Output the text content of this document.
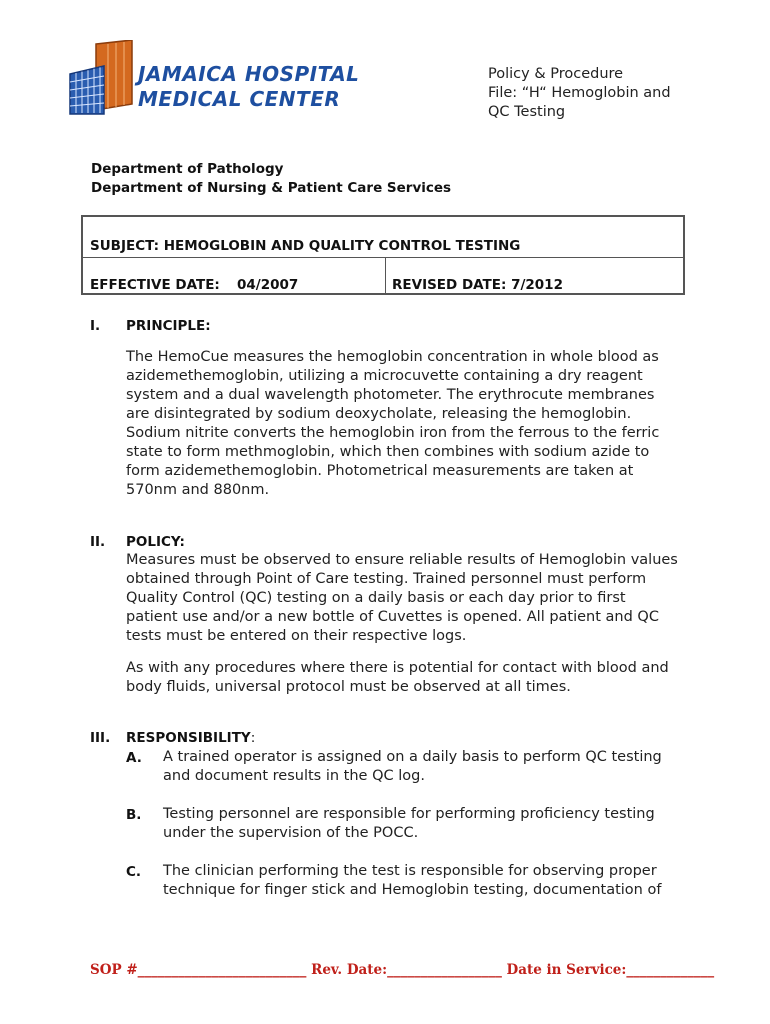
JAMAICA HOSPITAL
MEDICAL CENTER
Policy & Procedure
File: “H“ Hemoglobin and
QC Testing
Department of Pathology
Department of Nursing & Patient Care Services
SUBJECT: HEMOGLOBIN AND QUALITY CONTROL TESTING
EFFECTIVE DATE: 04/2007	REVISED DATE: 7/2012
I. PRINCIPLE:
The HemoCue measures the hemoglobin concentration in whole blood as
azidemethemoglobin, utilizing a microcuvette containing a dry reagent
system and a dual wavelength photometer. The erythrocute membranes
are disintegrated by sodium deoxycholate, releasing the hemoglobin.
Sodium nitrite converts the hemoglobin iron from the ferrous to the ferric
state to form methmoglobin, which then combines with sodium azide to
form azidemethemoglobin. Photometrical measurements are taken at
570nm and 880nm.
II. POLICY:
Measures must be observed to ensure reliable results of Hemoglobin values
obtained through Point of Care testing. Trained personnel must perform
Quality Control (QC) testing on a daily basis or each day prior to first
patient use and/or a new bottle of Cuvettes is opened. All patient and QC
tests must be entered on their respective logs.
As with any procedures where there is potential for contact with blood and
body fluids, universal protocol must be observed at all times.
III. RESPONSIBILITY:
A. A trained operator is assigned on a daily basis to perform QC testing
and document results in the QC log.
B. Testing personnel are responsible for performing proficiency testing
under the supervision of the POCC.
C. The clinician performing the test is responsible for observing proper
technique for finger stick and Hemoglobin testing, documentation of
SOP #_________________________ Rev. Date:_________________ Date in Service:_____________
